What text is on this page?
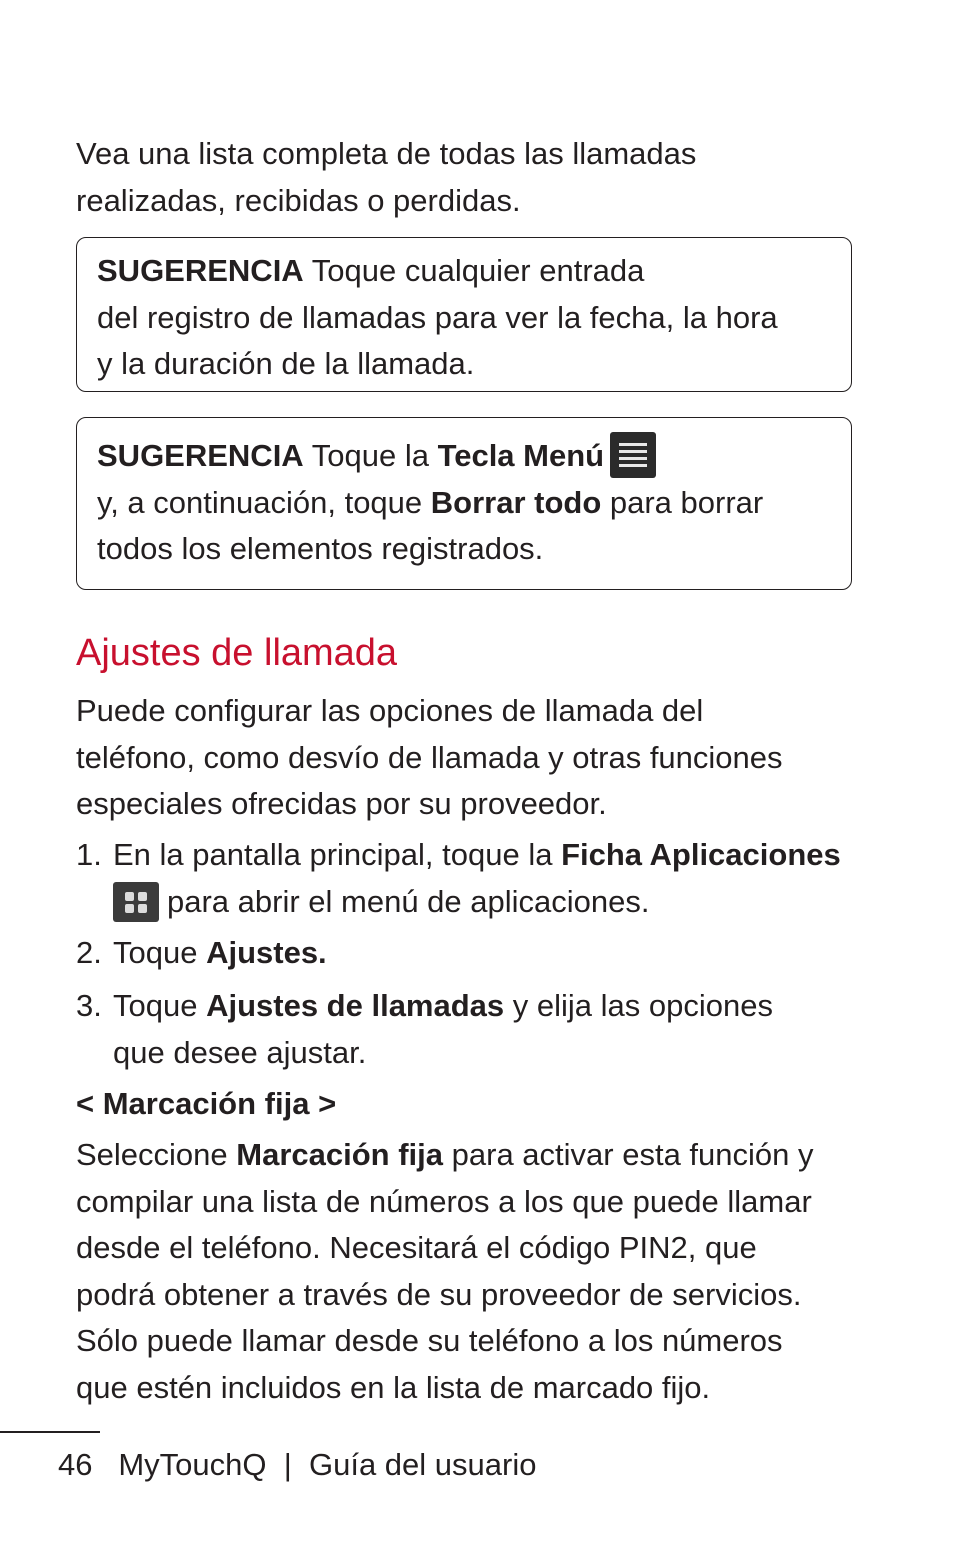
Vea una lista completa de todas las llamadas
realizadas, recibidas o perdidas.
SUGERENCIA Toque cualquier entrada
del registro de llamadas para ver la fecha, la hora
y la duración de la llamada.
SUGERENCIA Toque la Tecla Menú
y, a continuación, toque Borrar todo para borrar
todos los elementos registrados.
Ajustes de llamada
Puede configurar las opciones de llamada del
teléfono, como desvío de llamada y otras funciones
especiales ofrecidas por su proveedor.
1. En la pantalla principal, toque la Ficha Aplicaciones
para abrir el menú de aplicaciones.
2. Toque Ajustes.
3. Toque Ajustes de llamadas y elija las opciones
que desee ajustar.
< Marcación fija >
Seleccione Marcación fija para activar esta función y
compilar una lista de números a los que puede llamar
desde el teléfono. Necesitará el código PIN2, que
podrá obtener a través de su proveedor de servicios.
Sólo puede llamar desde su teléfono a los números
que estén incluidos en la lista de marcado fijo.
46   MyTouchQ  |  Guía del usuario
